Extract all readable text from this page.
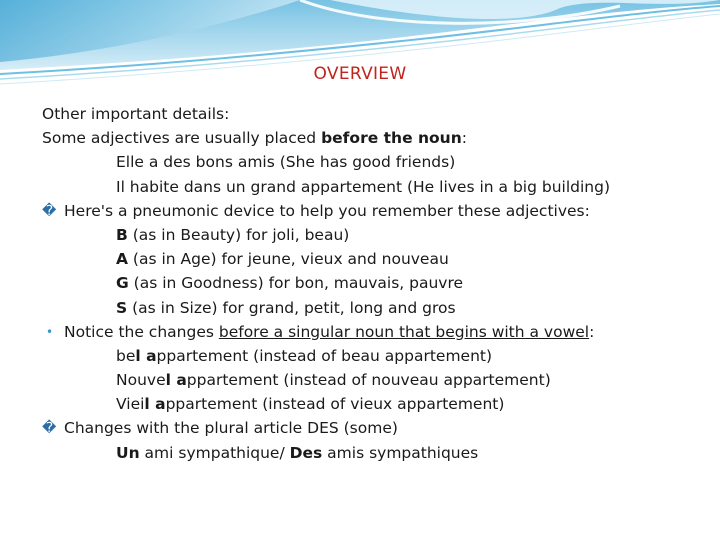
OVERVIEW
Other important details:
Some adjectives are usually placed before the noun:
Elle a des bons amis (She has good friends)
Il habite dans un grand appartement (He lives in a big building)
� Here's a pneumonic device to help you remember these adjectives:
B (as in Beauty) for joli, beau)
A (as in Age) for jeune, vieux and nouveau
G (as in Goodness) for bon, mauvais, pauvre
S (as in Size) for grand, petit, long and gros
• Notice the changes before a singular noun that begins with a vowel:
bel appartement (instead of beau appartement)
Nouvel appartement (instead of nouveau appartement)
Vieil appartement (instead of vieux appartement)
� Changes with the plural article DES (some)
Un ami sympathique/ Des amis sympathiques
